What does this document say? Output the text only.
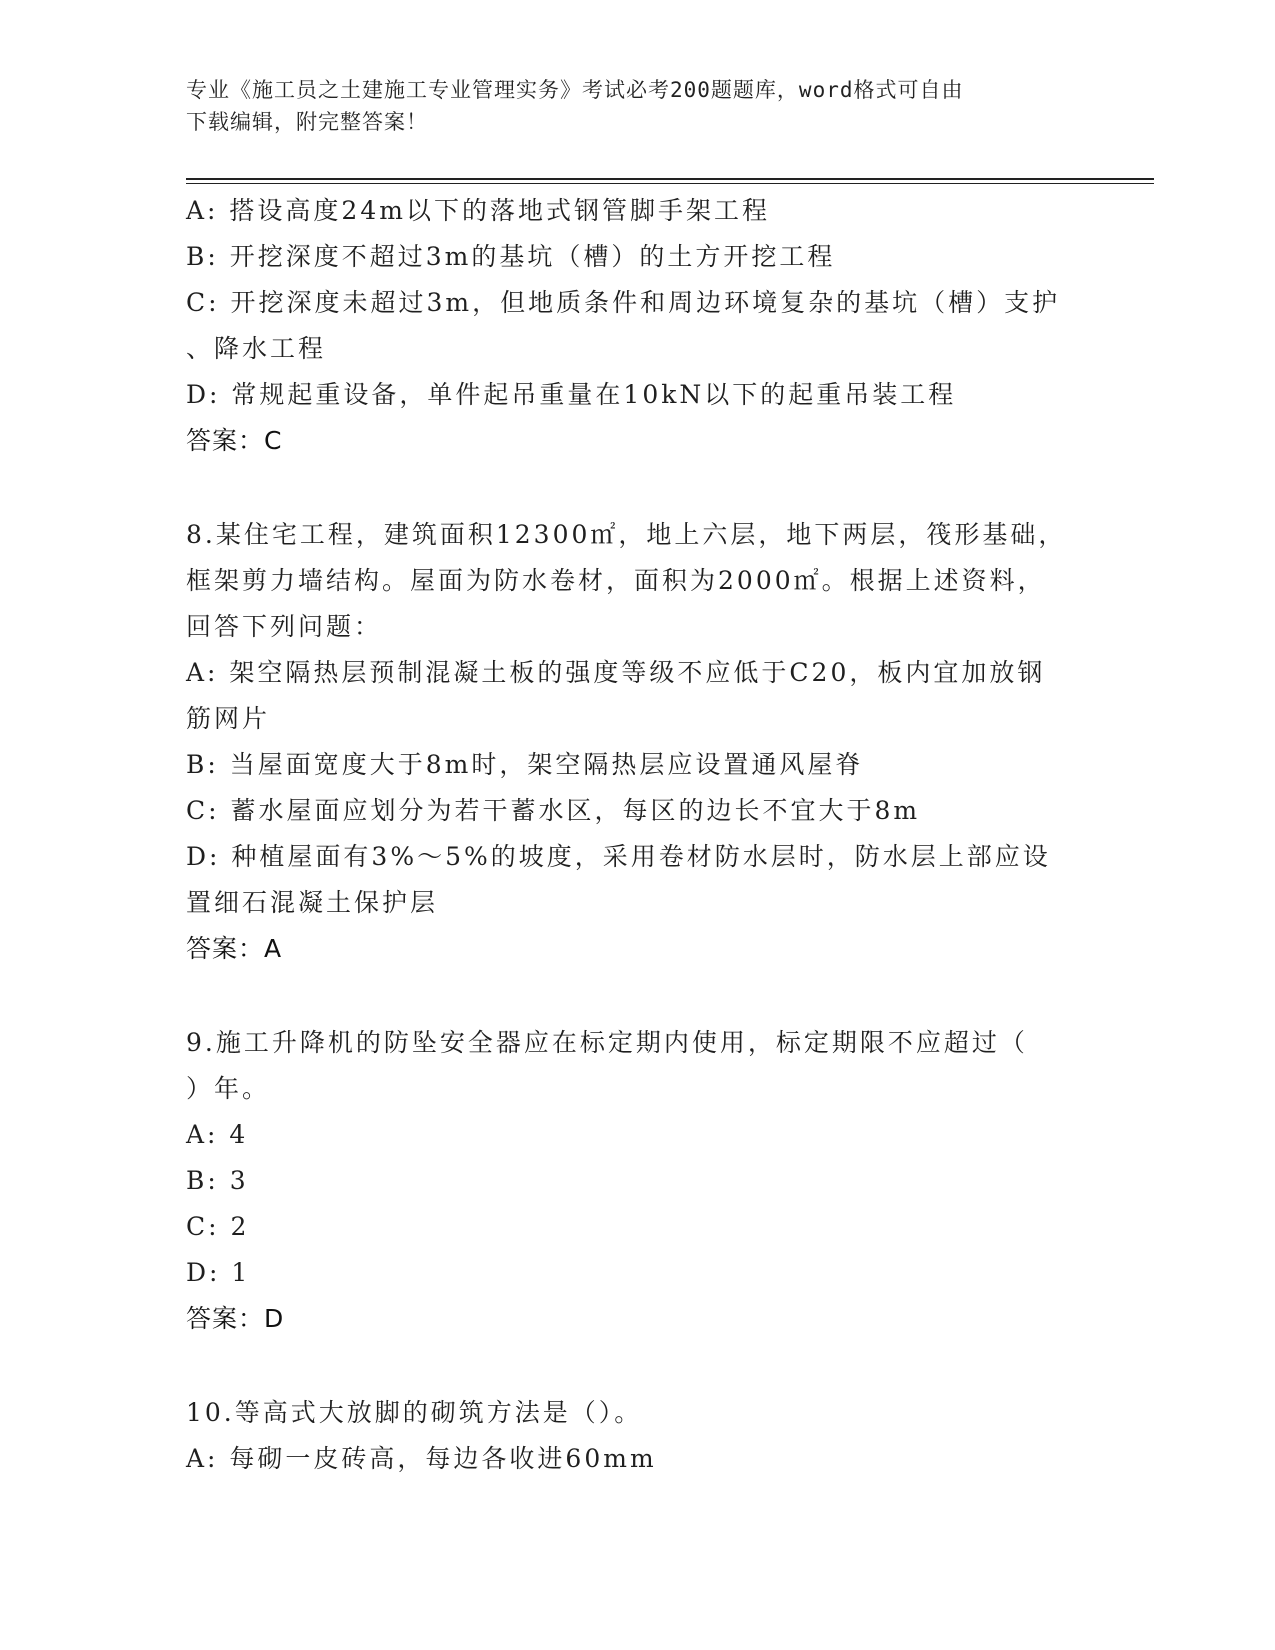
专业《施工员之土建施工专业管理实务》考试必考200题题库，word格式可自由
下载编辑，附完整答案！
A: 搭设高度24m以下的落地式钢管脚手架工程
B: 开挖深度不超过3m的基坑（槽）的土方开挖工程
C: 开挖深度未超过3m，但地质条件和周边环境复杂的基坑（槽）支护
、降水工程
D: 常规起重设备，单件起吊重量在10kN以下的起重吊装工程
答案：C
8.某住宅工程，建筑面积12300㎡，地上六层，地下两层，筏形基础，
框架剪力墙结构。屋面为防水卷材，面积为2000㎡。根据上述资料，
回答下列问题：
A: 架空隔热层预制混凝土板的强度等级不应低于C20，板内宜加放钢
筋网片
B: 当屋面宽度大于8m时，架空隔热层应设置通风屋脊
C: 蓄水屋面应划分为若干蓄水区，每区的边长不宜大于8m
D: 种植屋面有3%～5%的坡度，采用卷材防水层时，防水层上部应设
置细石混凝土保护层
答案：A
9.施工升降机的防坠安全器应在标定期内使用，标定期限不应超过（
）年。
A: 4
B: 3
C: 2
D: 1
答案：D
10.等高式大放脚的砌筑方法是（）。
A: 每砌一皮砖高，每边各收进60mm
